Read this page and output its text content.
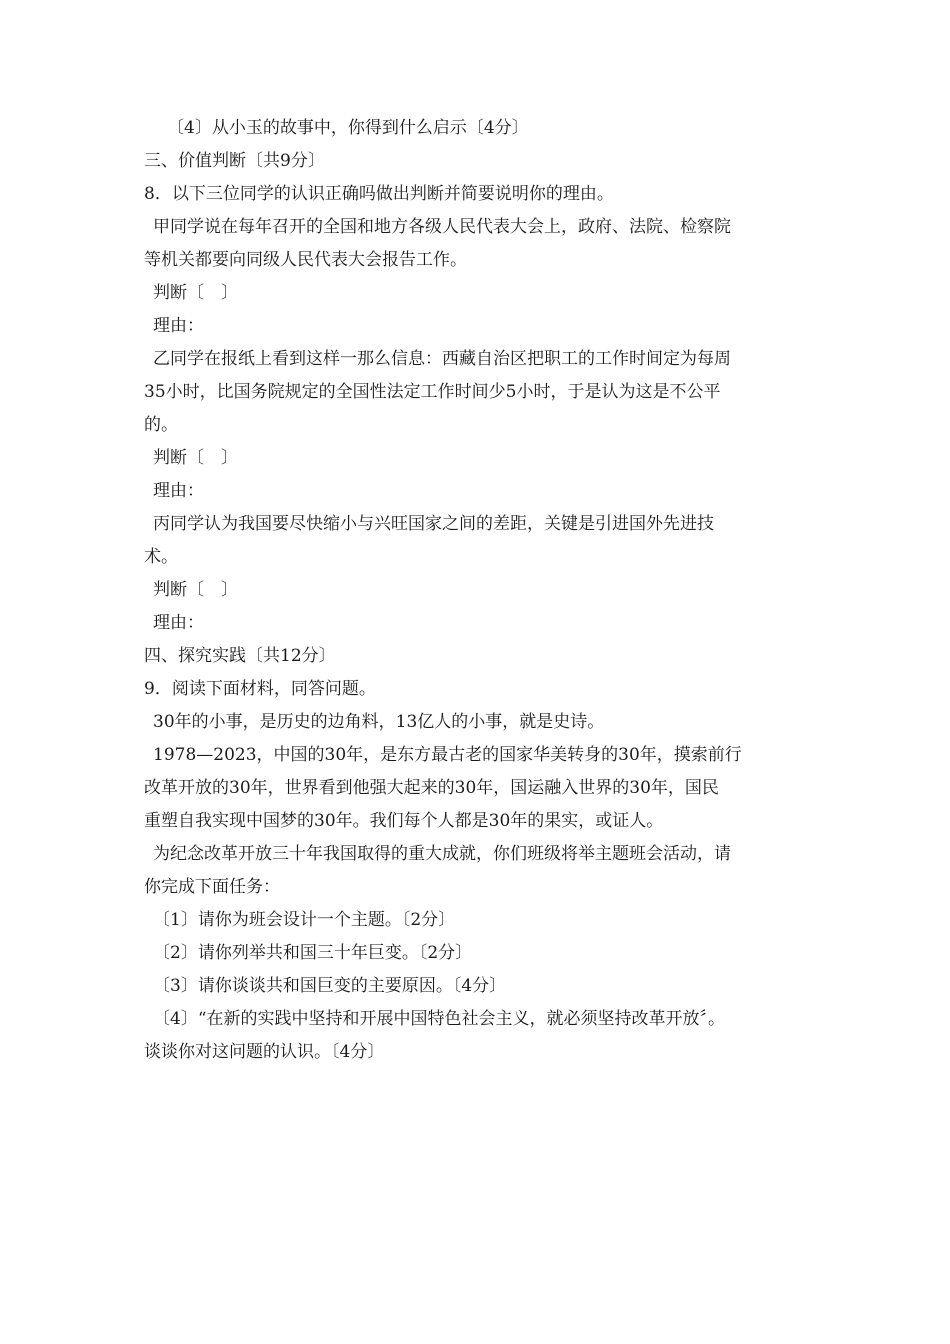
〔4〕从小玉的故事中，你得到什么启示〔4分〕
三、价值判断〔共9分〕
8．以下三位同学的认识正确吗做出判断并简要说明你的理由。
甲同学说在每年召开的全国和地方各级人民代表大会上，政府、法院、检察院
等机关都要向同级人民代表大会报告工作。
判断〔　〕
理由：
乙同学在报纸上看到这样一那么信息：西藏自治区把职工的工作时间定为每周
35小时，比国务院规定的全国性法定工作时间少5小时，于是认为这是不公平
的。
判断〔　〕
理由：
丙同学认为我国要尽快缩小与兴旺国家之间的差距，关键是引进国外先进技
术。
判断〔　〕
理由：
四、探究实践〔共12分〕
9．阅读下面材料，同答问题。
30年的小事，是历史的边角料，13亿人的小事，就是史诗。
1978—2023，中国的30年，是东方最古老的国家华美转身的30年，摸索前行
改革开放的30年，世界看到他强大起来的30年，国运融入世界的30年，国民
重塑自我实现中国梦的30年。我们每个人都是30年的果实，或证人。
为纪念改革开放三十年我国取得的重大成就，你们班级将举主题班会活动，请
你完成下面任务：
〔1〕请你为班会设计一个主题。〔2分〕
〔2〕请你列举共和国三十年巨变。〔2分〕
〔3〕请你谈谈共和国巨变的主要原因。〔4分〕
〔4〕“在新的实践中坚持和开展中国特色社会主义，就必须坚持改革开放〞。
谈谈你对这问题的认识。〔4分〕
